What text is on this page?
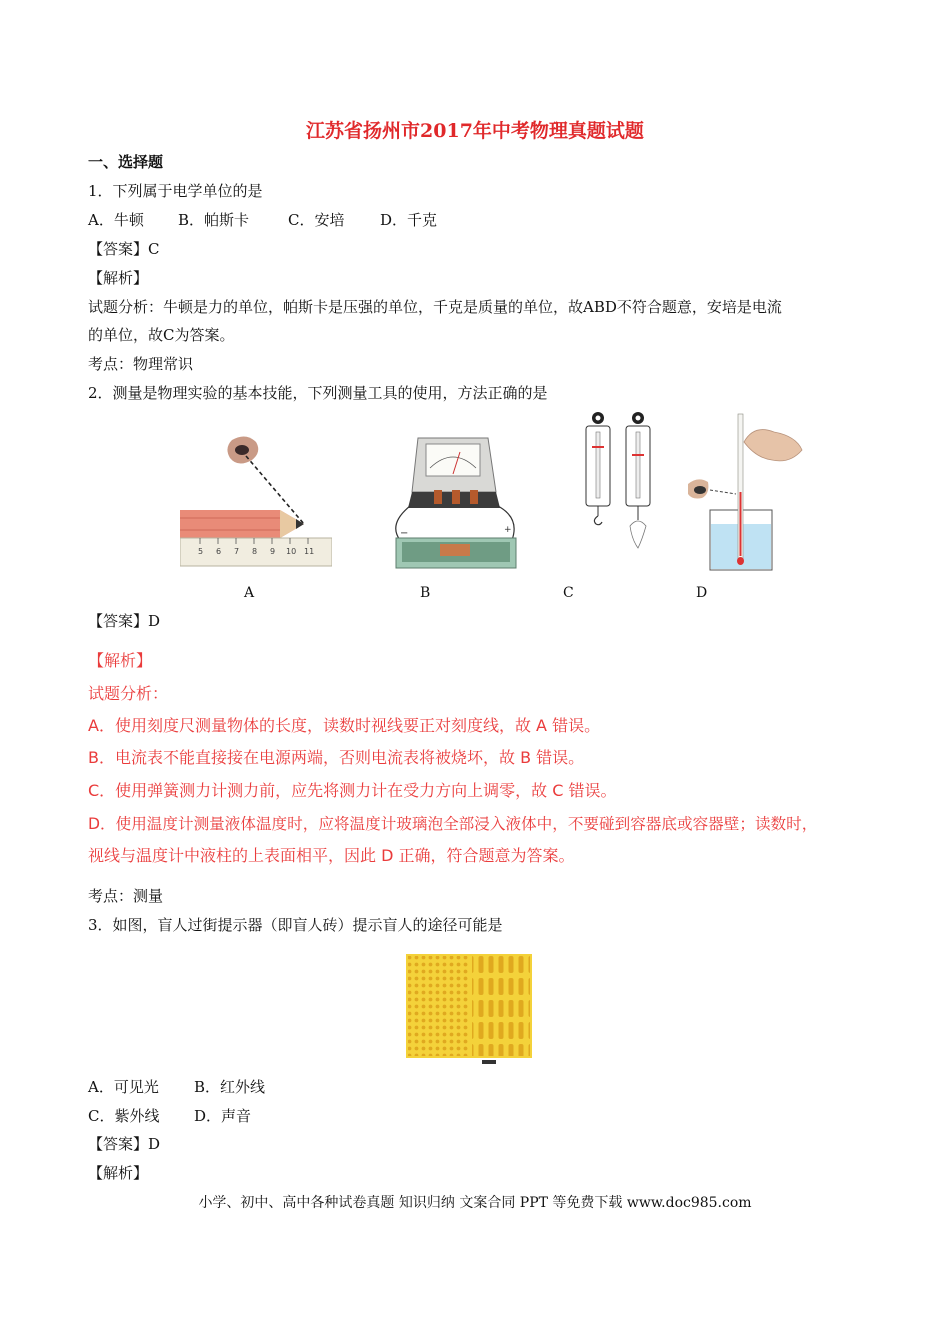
江苏省扬州市2017年中考物理真题试题
一、选择题
1．下列属于电学单位的是
A．牛顿 B．帕斯卡	C．安培 D．千克
【答案】C
【解析】
试题分析：牛顿是力的单位，帕斯卡是压强的单位，千克是质量的单位，故ABD不符合题意，安培是电流
的单位，故C为答案。
考点：物理常识
2．测量是物理实验的基本技能，下列测量工具的使用，方法正确的是
5 6 7 8 9 10 11
−	+
A	B	C	D
【答案】D
【解析】
试题分析：
A．使用刻度尺测量物体的长度，读数时视线要正对刻度线，故 A 错误。
B．电流表不能直接接在电源两端，否则电流表将被烧坏，故 B 错误。
C．使用弹簧测力计测力前，应先将测力计在受力方向上调零，故 C 错误。
D．使用温度计测量液体温度时，应将温度计玻璃泡全部浸入液体中，不要碰到容器底或容器壁；读数时，
视线与温度计中液柱的上表面相平，因此 D 正确，符合题意为答案。
考点：测量
3．如图，盲人过街提示器（即盲人砖）提示盲人的途径可能是
A．可见光 B．红外线
C．紫外线 D．声音
【答案】D
【解析】
小学、初中、高中各种试卷真题 知识归纳 文案合同 PPT 等免费下载 www.doc985.com
